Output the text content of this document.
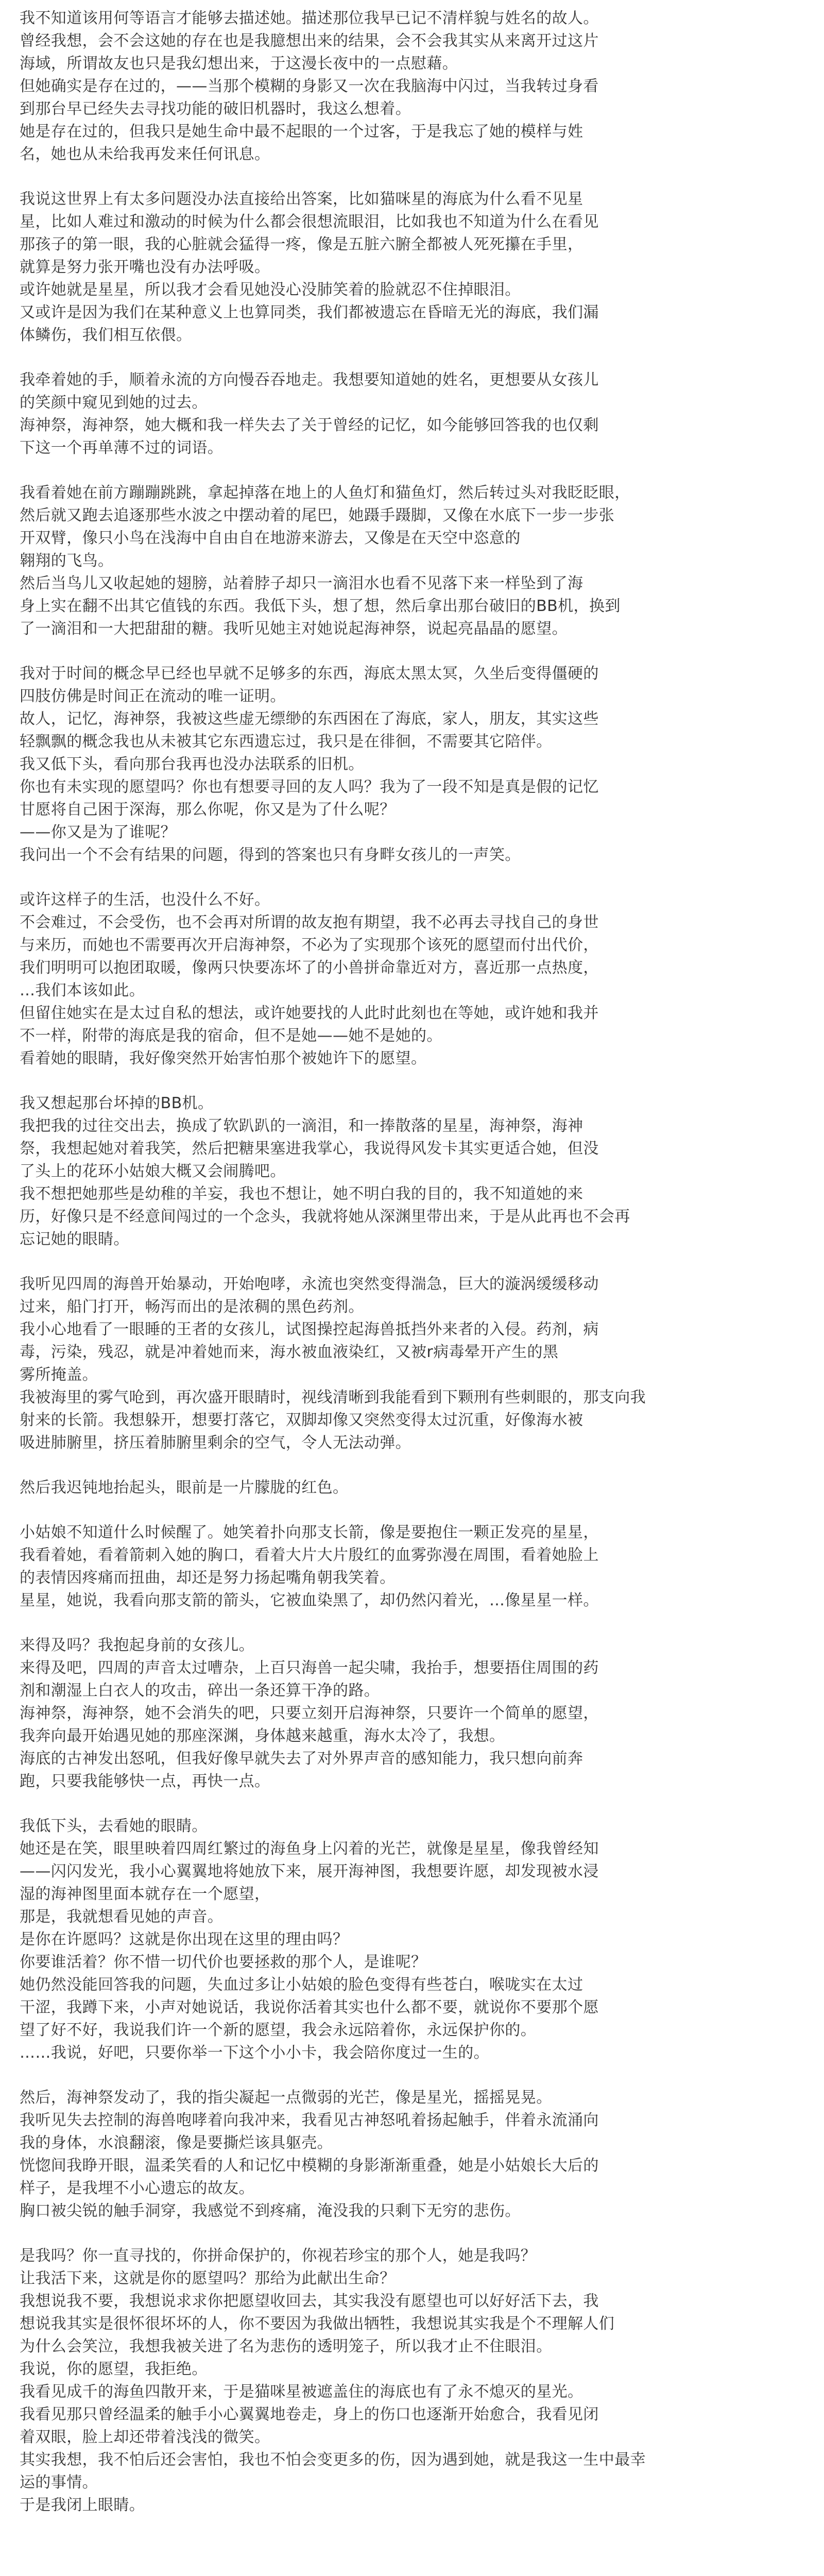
我不知道该用何等语言才能够去描述她。描述那位我早已记不清样貌与姓名的故人。
曾经我想，会不会这她的存在也是我臆想出来的结果，会不会我其实从来离开过这片
海域，所谓故友也只是我幻想出来，于这漫长夜中的一点慰藉。
但她确实是存在过的，——当那个模糊的身影又一次在我脑海中闪过，当我转过身看
到那台早已经失去寻找功能的破旧机器时，我这么想着。
她是存在过的，但我只是她生命中最不起眼的一个过客，于是我忘了她的模样与姓
名，她也从未给我再发来任何讯息。
我说这世界上有太多问题没办法直接给出答案，比如猫咪星的海底为什么看不见星
星，比如人难过和激动的时候为什么都会很想流眼泪，比如我也不知道为什么在看见
那孩子的第一眼，我的心脏就会猛得一疼，像是五脏六腑全都被人死死攥在手里，
就算是努力张开嘴也没有办法呼吸。
或许她就是星星，所以我才会看见她没心没肺笑着的脸就忍不住掉眼泪。
又或许是因为我们在某种意义上也算同类，我们都被遗忘在昏暗无光的海底，我们漏
体鳞伤，我们相互依偎。
我牵着她的手，顺着永流的方向慢吞吞地走。我想要知道她的姓名，更想要从女孩儿
的笑颜中窥见到她的过去。
海神祭，海神祭，她大概和我一样失去了关于曾经的记忆，如今能够回答我的也仅剩
下这一个再单薄不过的词语。
我看着她在前方蹦蹦跳跳，拿起掉落在地上的人鱼灯和猫鱼灯，然后转过头对我眨眨眼，
然后就又跑去追逐那些水波之中摆动着的尾巴，她蹑手蹑脚，又像在水底下一步一步张
开双臂，像只小鸟在浅海中自由自在地游来游去，又像是在天空中恣意的
翱翔的飞鸟。
然后当鸟儿又收起她的翅膀，站着脖子却只一滴泪水也看不见落下来一样坠到了海
身上实在翻不出其它值钱的东西。我低下头，想了想，然后拿出那台破旧的BB机，换到
了一滴泪和一大把甜甜的糖。我听见她主对她说起海神祭，说起亮晶晶的愿望。
我对于时间的概念早已经也早就不足够多的东西，海底太黑太冥，久坐后变得僵硬的
四肢仿佛是时间正在流动的唯一证明。
故人，记忆，海神祭，我被这些虚无缥缈的东西困在了海底，家人，朋友，其实这些
轻飘飘的概念我也从未被其它东西遗忘过，我只是在徘徊，不需要其它陪伴。
我又低下头，看向那台我再也没办法联系的旧机。
你也有未实现的愿望吗？你也有想要寻回的友人吗？我为了一段不知是真是假的记忆
甘愿将自己困于深海，那么你呢，你又是为了什么呢？
——你又是为了谁呢？
我问出一个不会有结果的问题，得到的答案也只有身畔女孩儿的一声笑。
或许这样子的生活，也没什么不好。
不会难过，不会受伤，也不会再对所谓的故友抱有期望，我不必再去寻找自己的身世
与来历，而她也不需要再次开启海神祭，不必为了实现那个该死的愿望而付出代价，
我们明明可以抱团取暖，像两只快要冻坏了的小兽拼命靠近对方，喜近那一点热度，
…我们本该如此。
但留住她实在是太过自私的想法，或许她要找的人此时此刻也在等她，或许她和我并
不一样，附带的海底是我的宿命，但不是她——她不是她的。
看着她的眼睛，我好像突然开始害怕那个被她许下的愿望。
我又想起那台坏掉的BB机。
我把我的过往交出去，换成了软趴趴的一滴泪，和一捧散落的星星，海神祭，海神
祭，我想起她对着我笑，然后把糖果塞进我掌心，我说得风发卡其实更适合她，但没
了头上的花环小姑娘大概又会闹腾吧。
我不想把她那些是幼稚的羊妄，我也不想让，她不明白我的目的，我不知道她的来
历，好像只是不经意间闯过的一个念头，我就将她从深渊里带出来，于是从此再也不会再
忘记她的眼睛。
我听见四周的海兽开始暴动，开始咆哮，永流也突然变得湍急，巨大的漩涡缓缓移动
过来，船门打开，畅泻而出的是浓稠的黑色药剂。
我小心地看了一眼睡的王者的女孩儿，试图操控起海兽抵挡外来者的入侵。药剂，病
毒，污染，残忍，就是冲着她而来，海水被血液染红，又被r病毒晕开产生的黑
雾所掩盖。
我被海里的雾气呛到，再次盛开眼睛时，视线清晰到我能看到下颗刑有些刺眼的，那支向我
射来的长箭。我想躲开，想要打落它，双脚却像又突然变得太过沉重，好像海水被
吸进肺腑里，挤压着肺腑里剩余的空气，令人无法动弹。
然后我迟钝地抬起头，眼前是一片朦胧的红色。
小姑娘不知道什么时候醒了。她笑着扑向那支长箭，像是要抱住一颗正发亮的星星，
我看着她，看着箭刺入她的胸口，看着大片大片殷红的血雾弥漫在周围，看着她脸上
的表情因疼痛而扭曲，却还是努力扬起嘴角朝我笑着。
星星，她说，我看向那支箭的箭头，它被血染黑了，却仍然闪着光，…像星星一样。
来得及吗？我抱起身前的女孩儿。
来得及吧，四周的声音太过嘈杂，上百只海兽一起尖啸，我抬手，想要捂住周围的药
剂和潮湿上白衣人的攻击，碎出一条还算干净的路。
海神祭，海神祭，她不会消失的吧，只要立刻开启海神祭，只要许一个简单的愿望，
我奔向最开始遇见她的那座深渊，身体越来越重，海水太冷了，我想。
海底的古神发出怒吼，但我好像早就失去了对外界声音的感知能力，我只想向前奔
跑，只要我能够快一点，再快一点。
我低下头，去看她的眼睛。
她还是在笑，眼里映着四周红繁过的海鱼身上闪着的光芒，就像是星星，像我曾经知
——闪闪发光，我小心翼翼地将她放下来，展开海神图，我想要许愿，却发现被水浸
湿的海神图里面本就存在一个愿望，
那是，我就想看见她的声音。
是你在许愿吗？这就是你出现在这里的理由吗？
你要谁活着？你不惜一切代价也要拯救的那个人，是谁呢？
她仍然没能回答我的问题，失血过多让小姑娘的脸色变得有些苍白，喉咙实在太过
干涩，我蹲下来，小声对她说话，我说你活着其实也什么都不要，就说你不要那个愿
望了好不好，我说我们许一个新的愿望，我会永远陪着你，永远保护你的。
……我说，好吧，只要你举一下这个小小卡，我会陪你度过一生的。
然后，海神祭发动了，我的指尖凝起一点微弱的光芒，像是星光，摇摇晃晃。
我听见失去控制的海兽咆哮着向我冲来，我看见古神怒吼着扬起触手，伴着永流涌向
我的身体，水浪翻滚，像是要撕烂该具躯壳。
恍惚间我睁开眼，温柔笑看的人和记忆中模糊的身影渐渐重叠，她是小姑娘长大后的
样子，是我埋不小心遗忘的故友。
胸口被尖锐的触手洞穿，我感觉不到疼痛，淹没我的只剩下无穷的悲伤。
是我吗？你一直寻找的，你拼命保护的，你视若珍宝的那个人，她是我吗？
让我活下来，这就是你的愿望吗？那给为此献出生命？
我想说我不要，我想说求求你把愿望收回去，其实我没有愿望也可以好好活下去，我
想说我其实是很怀很坏坏的人，你不要因为我做出牺牲，我想说其实我是个不理解人们
为什么会笑泣，我想我被关进了名为悲伤的透明笼子，所以我才止不住眼泪。
我说，你的愿望，我拒绝。
我看见成千的海鱼四散开来，于是猫咪星被遮盖住的海底也有了永不熄灭的星光。
我看见那只曾经温柔的触手小心翼翼地卷走，身上的伤口也逐渐开始愈合，我看见闭
着双眼，脸上却还带着浅浅的微笑。
其实我想，我不怕后还会害怕，我也不怕会变更多的伤，因为遇到她，就是我这一生中最幸
运的事情。
于是我闭上眼睛。
